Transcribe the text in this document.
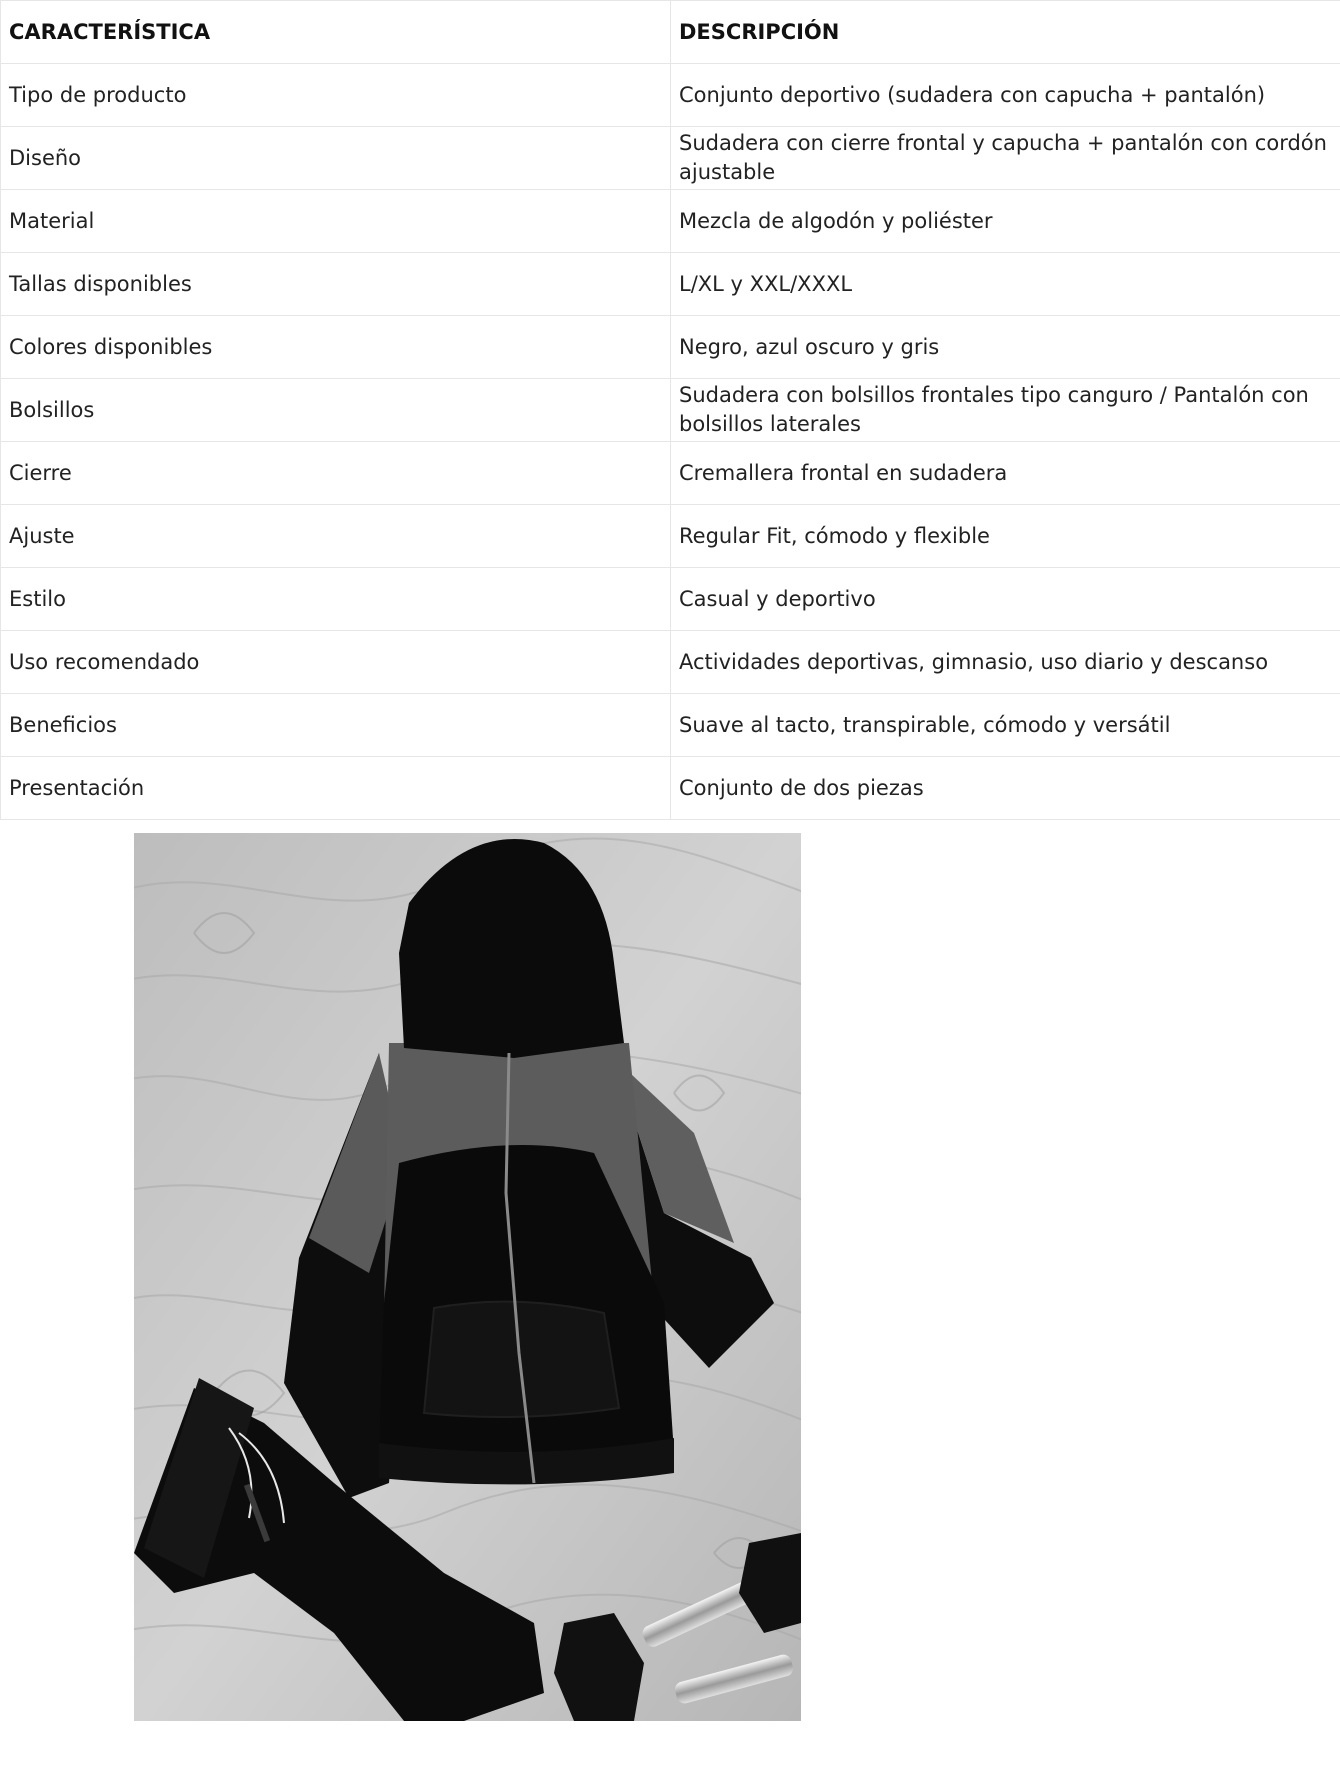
CARACTERÍSTICA	DESCRIPCIÓN
Tipo de producto	Conjunto deportivo (sudadera con capucha + pantalón)
Diseño	Sudadera con cierre frontal y capucha + pantalón con cordón ajustable
Material	Mezcla de algodón y poliéster
Tallas disponibles	L/XL y XXL/XXXL
Colores disponibles	Negro, azul oscuro y gris
Bolsillos	Sudadera con bolsillos frontales tipo canguro / Pantalón con bolsillos laterales
Cierre	Cremallera frontal en sudadera
Ajuste	Regular Fit, cómodo y flexible
Estilo	Casual y deportivo
Uso recomendado	Actividades deportivas, gimnasio, uso diario y descanso
Beneficios	Suave al tacto, transpirable, cómodo y versátil
Presentación	Conjunto de dos piezas
